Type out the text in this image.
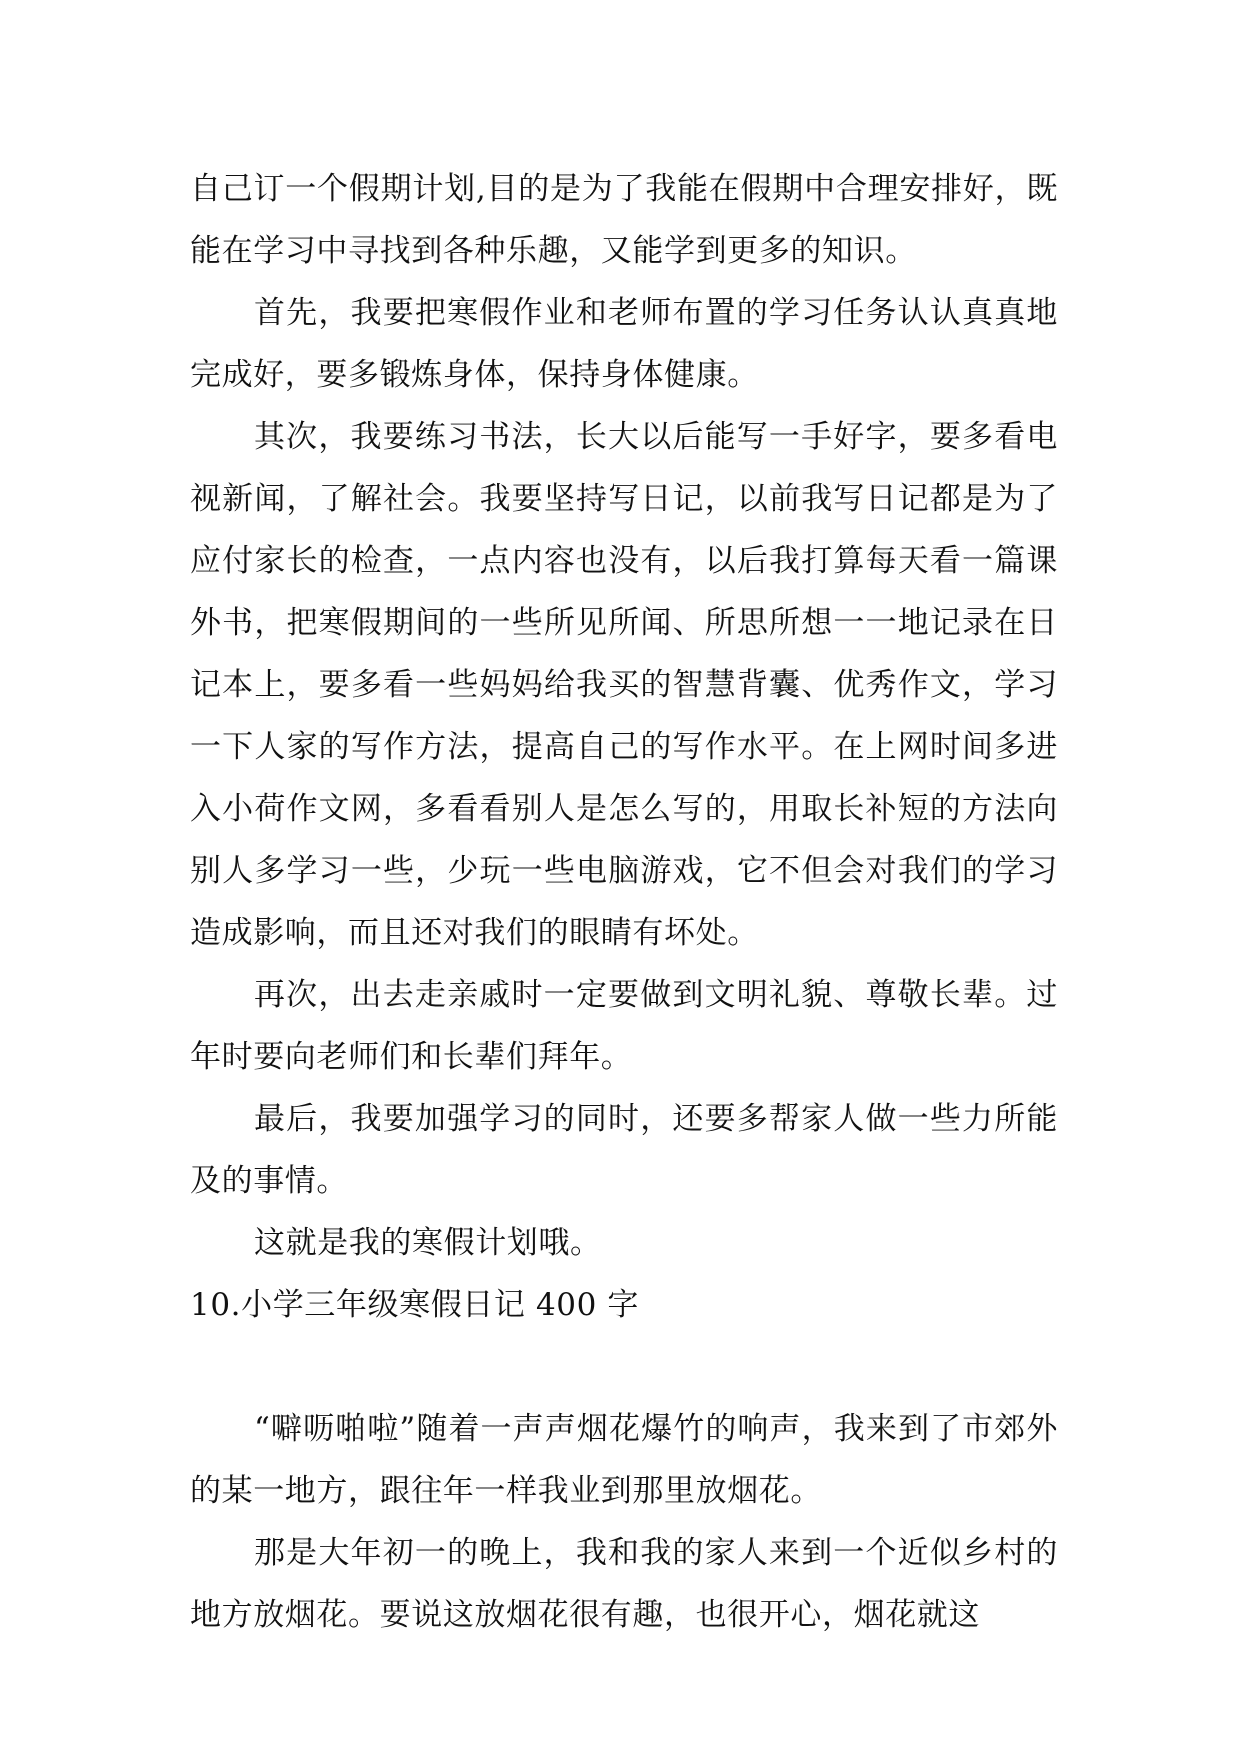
自己订一个假期计划,目的是为了我能在假期中合理安排好，既能在学习中寻找到各种乐趣，又能学到更多的知识。

首先，我要把寒假作业和老师布置的学习任务认认真真地完成好，要多锻炼身体，保持身体健康。

其次，我要练习书法，长大以后能写一手好字，要多看电视新闻，了解社会。我要坚持写日记，以前我写日记都是为了应付家长的检查，一点内容也没有，以后我打算每天看一篇课外书，把寒假期间的一些所见所闻、所思所想一一地记录在日记本上，要多看一些妈妈给我买的智慧背囊、优秀作文，学习一下人家的写作方法，提高自己的写作水平。在上网时间多进入小荷作文网，多看看别人是怎么写的，用取长补短的方法向别人多学习一些，少玩一些电脑游戏，它不但会对我们的学习造成影响，而且还对我们的眼睛有坏处。

再次，出去走亲戚时一定要做到文明礼貌、尊敬长辈。过年时要向老师们和长辈们拜年。

最后，我要加强学习的同时，还要多帮家人做一些力所能及的事情。

这就是我的寒假计划哦。

10.小学三年级寒假日记 400 字

“噼呖啪啦”随着一声声烟花爆竹的响声，我来到了市郊外的某一地方，跟往年一样我业到那里放烟花。

那是大年初一的晚上，我和我的家人来到一个近似乡村的地方放烟花。要说这放烟花很有趣，也很开心，烟花就这
